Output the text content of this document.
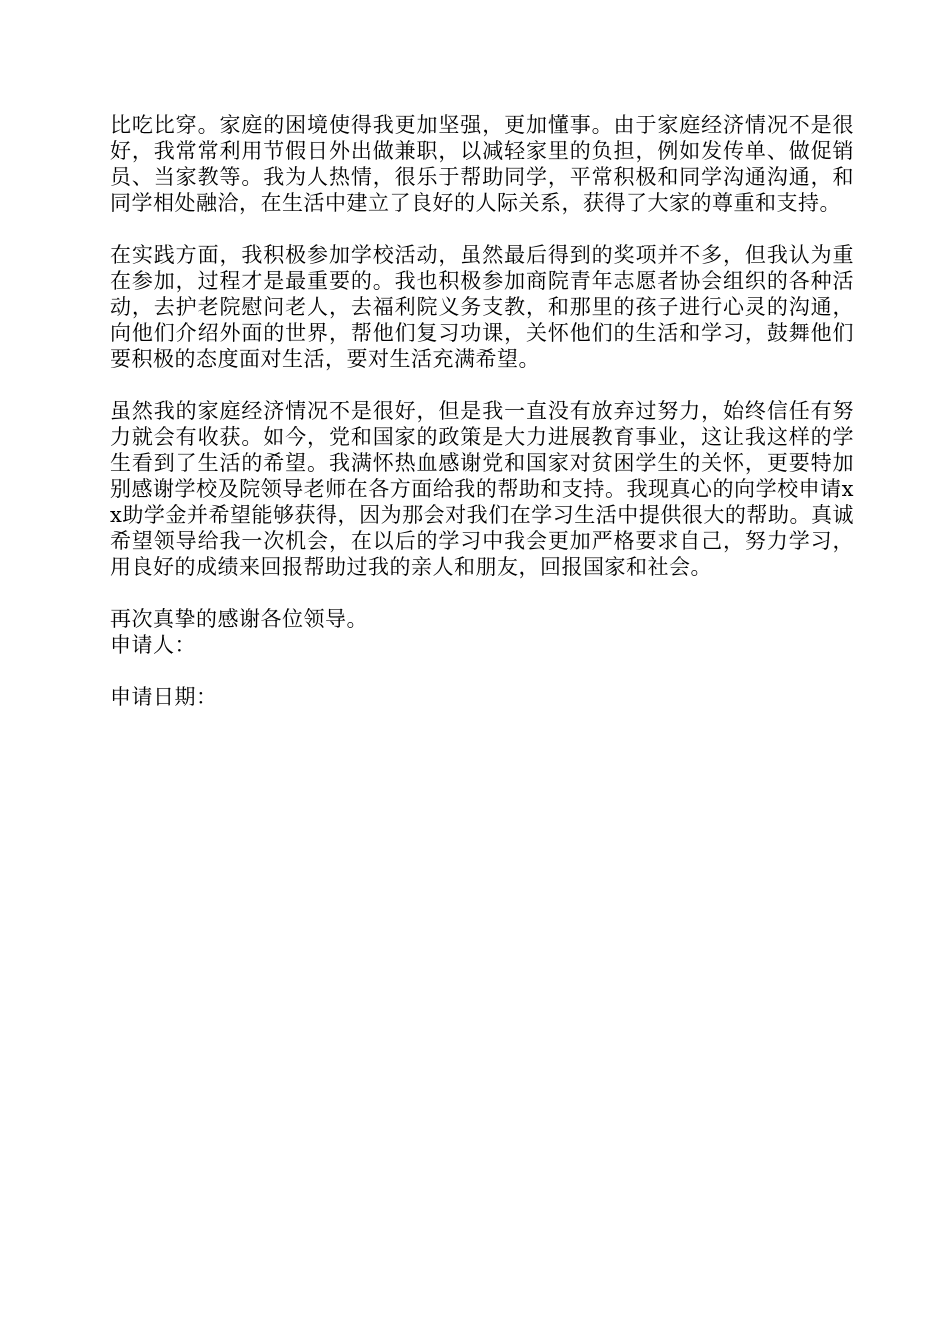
比吃比穿。家庭的困境使得我更加坚强，更加懂事。由于家庭经济情况不是很好，我常常利用节假日外出做兼职，以减轻家里的负担，例如发传单、做促销员、当家教等。我为人热情，很乐于帮助同学，平常积极和同学沟通沟通，和同学相处融洽，在生活中建立了良好的人际关系，获得了大家的尊重和支持。

在实践方面，我积极参加学校活动，虽然最后得到的奖项并不多，但我认为重在参加，过程才是最重要的。我也积极参加商院青年志愿者协会组织的各种活动，去护老院慰问老人，去福利院义务支教，和那里的孩子进行心灵的沟通，向他们介绍外面的世界，帮他们复习功课，关怀他们的生活和学习，鼓舞他们要积极的态度面对生活，要对生活充满希望。

虽然我的家庭经济情况不是很好，但是我一直没有放弃过努力，始终信任有努力就会有收获。如今，党和国家的政策是大力进展教育事业，这让我这样的学生看到了生活的希望。我满怀热血感谢党和国家对贫困学生的关怀，更要特加别感谢学校及院领导老师在各方面给我的帮助和支持。我现真心的向学校申请xx助学金并希望能够获得，因为那会对我们在学习生活中提供很大的帮助。真诚希望领导给我一次机会，在以后的学习中我会更加严格要求自己，努力学习，用良好的成绩来回报帮助过我的亲人和朋友，回报国家和社会。

再次真挚的感谢各位领导。

申请人：

申请日期：
